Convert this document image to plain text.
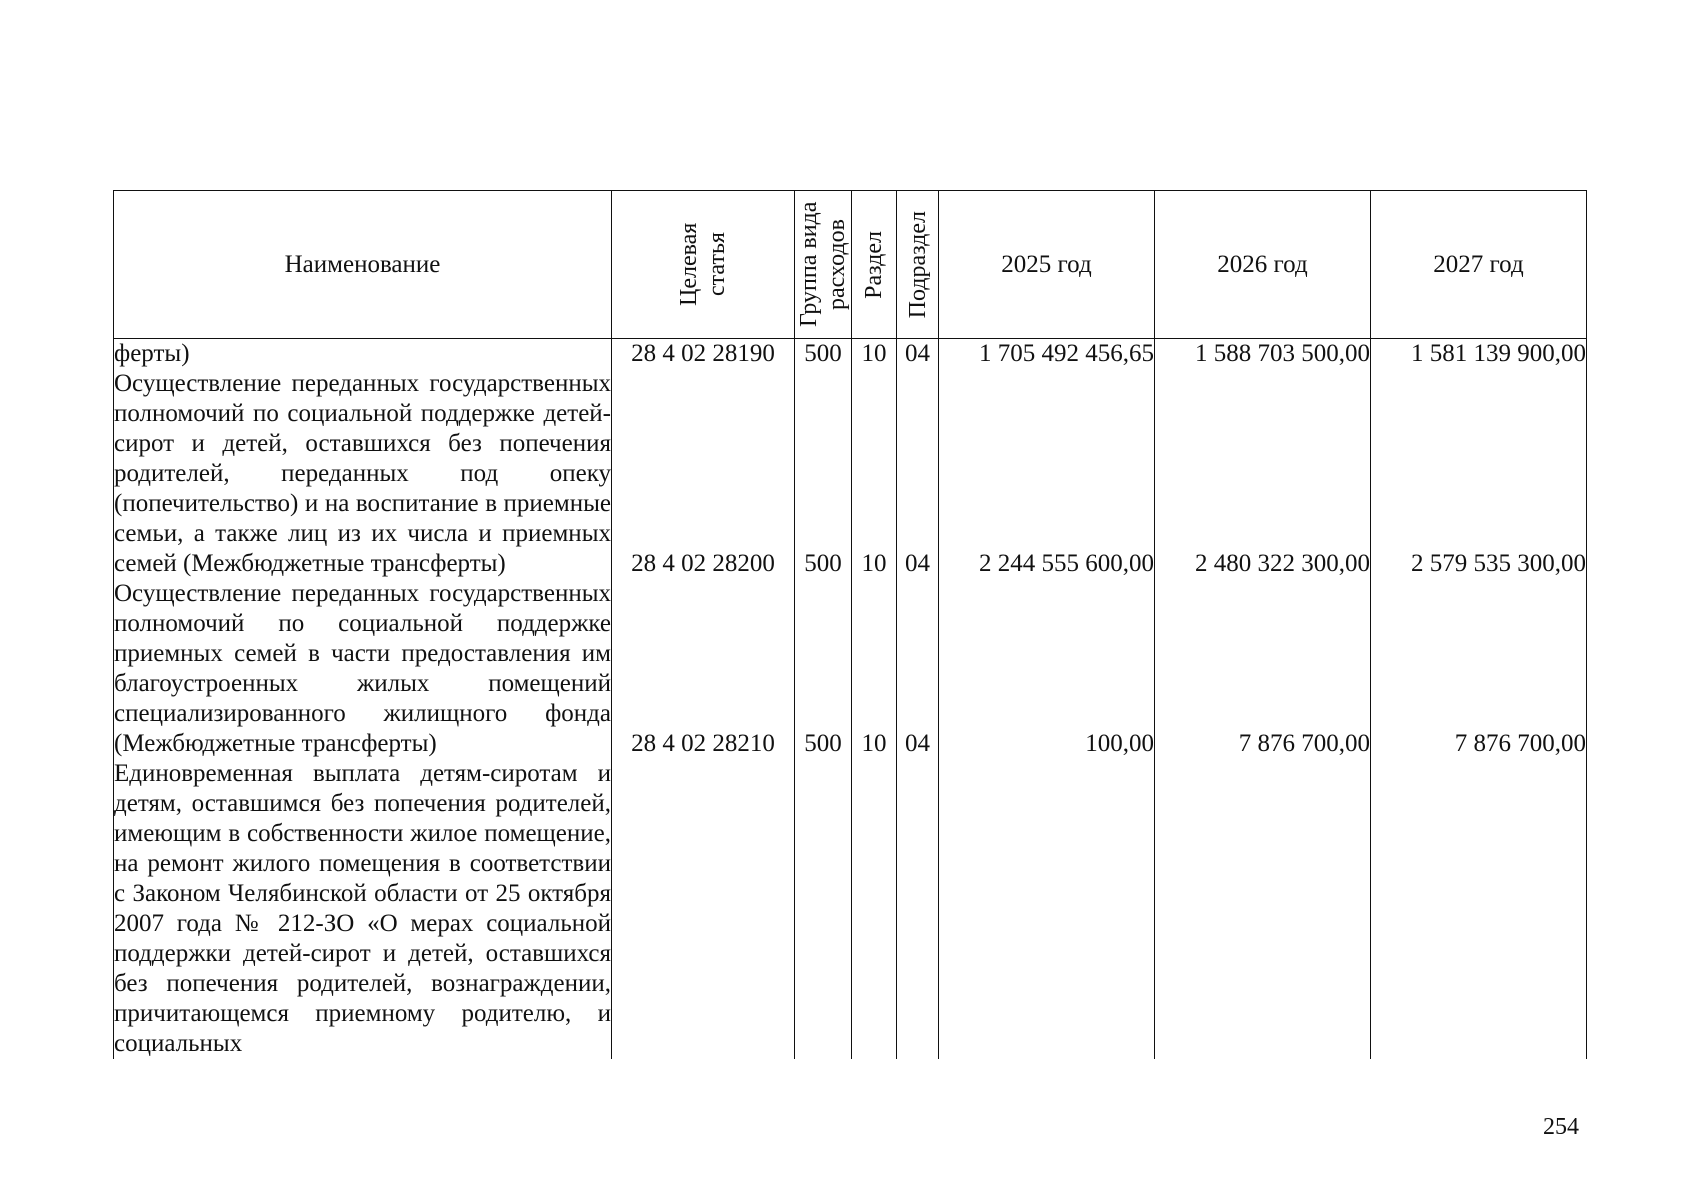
Наименование	Целевая статья	Группа вида расходов	Раздел	Подраздел	2025 год	2026 год	2027 год
ферты)	28 4 02 28190	500	10	04	1 705 492 456,65	1 588 703 500,00	1 581 139 900,00
Осуществление переданных государственных полномочий по социальной поддержке детей-сирот и детей, оставшихся без попечения родителей, переданных под опеку (попечительство) и на воспитание в приемные семьи, а также лиц из их числа и приемных семей (Межбюджетные трансферты)	28 4 02 28200	500	10	04	2 244 555 600,00	2 480 322 300,00	2 579 535 300,00
Осуществление переданных государственных полномочий по социальной поддержке приемных семей в части предоставления им благоустроенных жилых помещений специализированного жилищного фонда (Межбюджетные трансферты)	28 4 02 28210	500	10	04	100,00	7 876 700,00	7 876 700,00
Единовременная выплата детям-сиротам и детям, оставшимся без попечения родителей, имеющим в собственности жилое помещение, на ремонт жилого помещения в соответствии с Законом Челябинской области от 25 октября 2007 года № 212-ЗО «О мерах социальной поддержки детей-сирот и детей, оставшихся без попечения родителей, вознаграждении, причитающемся приемному родителю, и социальных							
254
